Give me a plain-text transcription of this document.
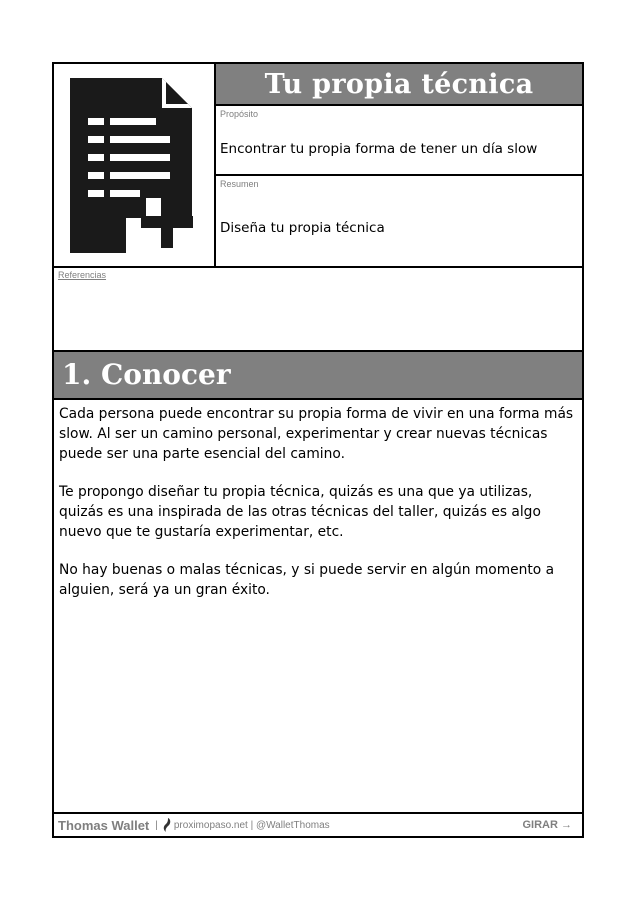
Tu propia técnica
Propósito
Encontrar tu propia forma de tener un día slow
Resumen
Diseña tu propia técnica
Referencias
1. Conocer

Cada persona puede encontrar su propia forma de vivir en una forma más slow. Al ser un camino personal, experimentar y crear nuevas técnicas puede ser una parte esencial del camino.

Te propongo diseñar tu propia técnica, quizás es una que ya utilizas, quizás es una inspirada de las otras técnicas del taller, quizás es algo nuevo que te gustaría experimentar, etc.

No hay buenas o malas técnicas, y si puede servir en algún momento a alguien, será ya un gran éxito.

Thomas Wallet | proximopaso.net | @WalletThomas	GIRAR →
